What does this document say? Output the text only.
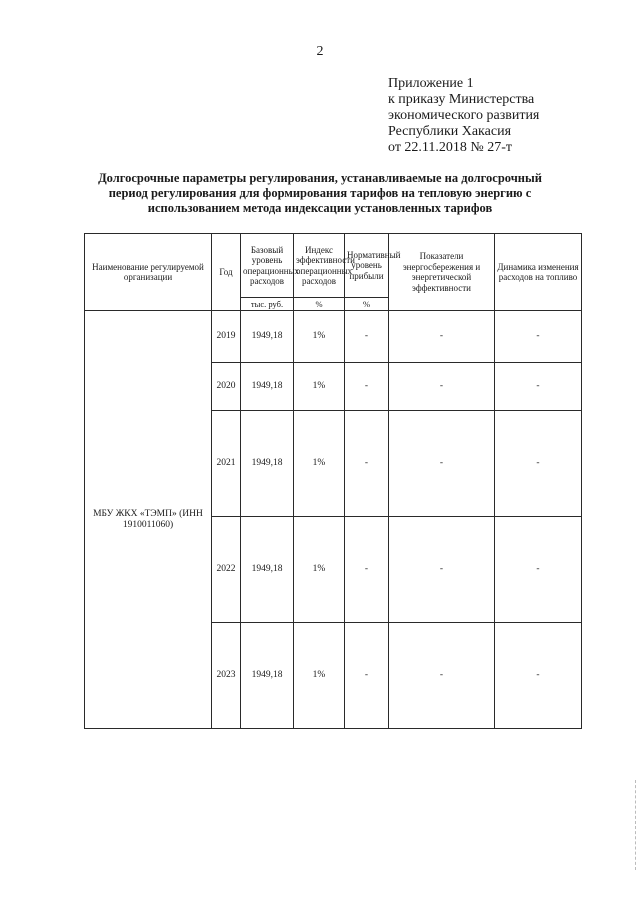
2
Приложение 1
к приказу Министерства
экономического развития
Республики Хакасия
от 22.11.2018 № 27-т
Долгосрочные параметры регулирования, устанавливаемые на долгосрочный
период регулирования для формирования тарифов на тепловую энергию с
использованием метода индексации установленных тарифов
Наименование регулируемой организации	Год	Базовый уровень операционных расходов	Индекс эффективности операционных расходов	Нормативный уровень прибыли	Показатели энергосбережения и энергетической эффективности	Динамика изменения расходов на топливо
		тыс. руб.	%	%		
МБУ ЖКХ «ТЭМП» (ИНН 1910011060)	2019	1949,18	1%	-	-	-
	2020	1949,18	1%	-	-	-
	2021	1949,18	1%	-	-	-
	2022	1949,18	1%	-	-	-
	2023	1949,18	1%	-	-	-
